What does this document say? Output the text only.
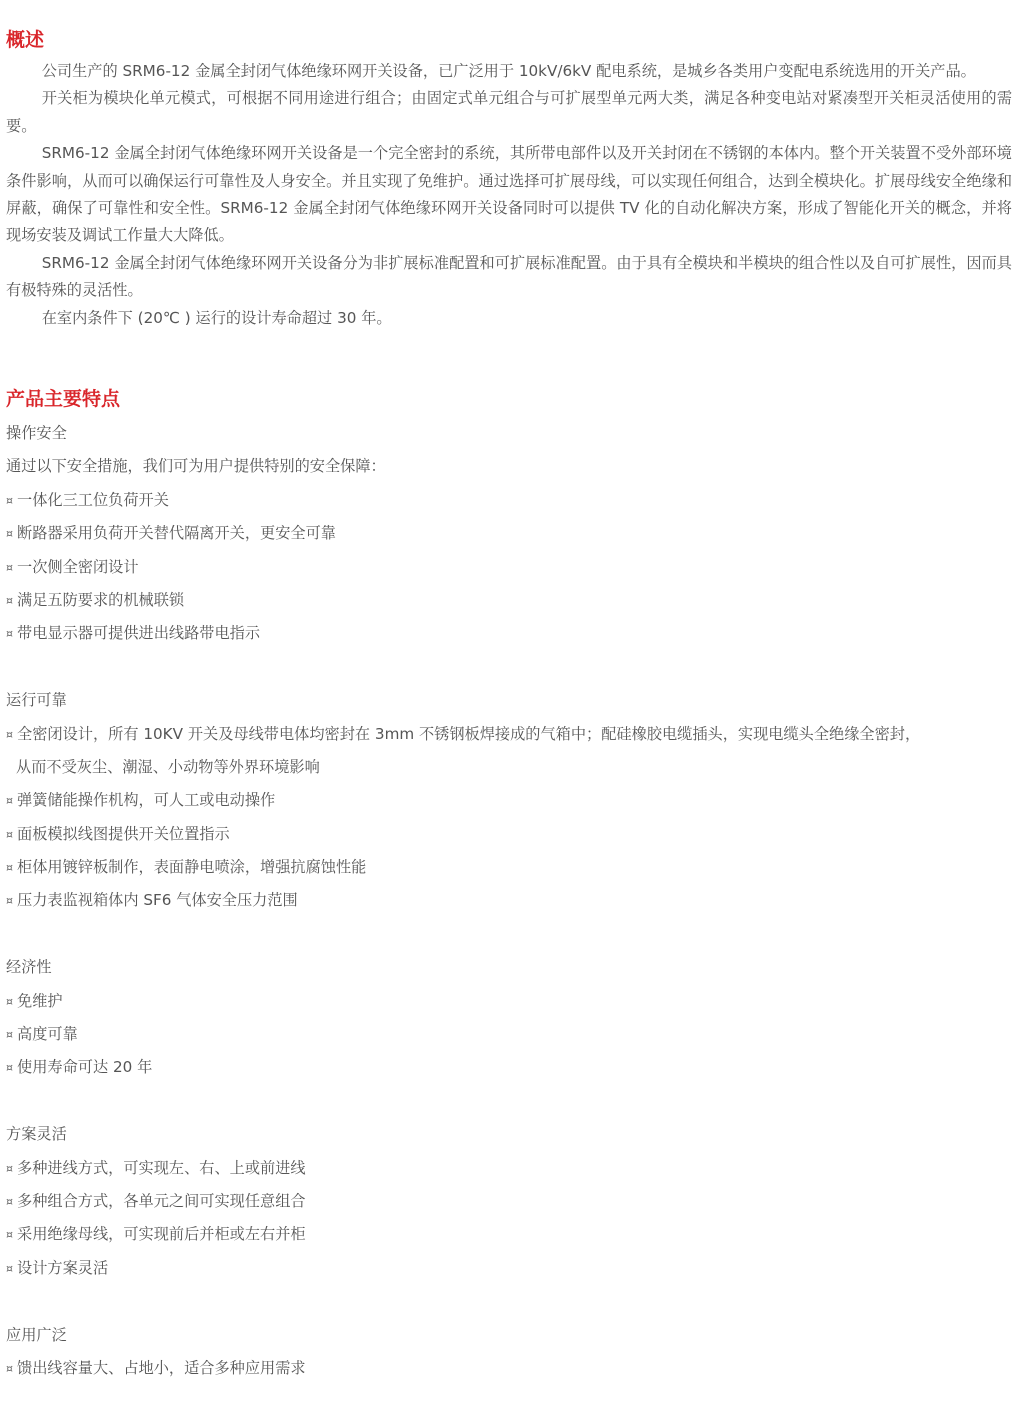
概述

公司生产的 SRM6-12 金属全封闭气体绝缘环网开关设备，已广泛用于 10kV/6kV 配电系统，是城乡各类用户变配电系统选用的开关产品。

开关柜为模块化单元模式，可根据不同用途进行组合；由固定式单元组合与可扩展型单元两大类，满足各种变电站对紧凑型开关柜灵活使用的需要。

SRM6-12 金属全封闭气体绝缘环网开关设备是一个完全密封的系统，其所带电部件以及开关封闭在不锈钢的本体内。整个开关装置不受外部环境条件影响，从而可以确保运行可靠性及人身安全。并且实现了免维护。通过选择可扩展母线，可以实现任何组合，达到全模块化。扩展母线安全绝缘和屏蔽，确保了可靠性和安全性。SRM6-12 金属全封闭气体绝缘环网开关设备同时可以提供 TV 化的自动化解决方案，形成了智能化开关的概念，并将现场安装及调试工作量大大降低。

SRM6-12 金属全封闭气体绝缘环网开关设备分为非扩展标准配置和可扩展标准配置。由于具有全模块和半模块的组合性以及自可扩展性，因而具有极特殊的灵活性。

在室内条件下 (20℃ ) 运行的设计寿命超过 30 年。

产品主要特点
操作安全
通过以下安全措施，我们可为用户提供特别的安全保障：
¤ 一体化三工位负荷开关
¤ 断路器采用负荷开关替代隔离开关，更安全可靠
¤ 一次侧全密闭设计
¤ 满足五防要求的机械联锁
¤ 带电显示器可提供进出线路带电指示
运行可靠
¤ 全密闭设计，所有 10KV 开关及母线带电体均密封在 3mm 不锈钢板焊接成的气箱中；配硅橡胶电缆插头，实现电缆头全绝缘全密封，
从而不受灰尘、潮湿、小动物等外界环境影响
¤ 弹簧储能操作机构，可人工或电动操作
¤ 面板模拟线图提供开关位置指示
¤ 柜体用镀锌板制作，表面静电喷涂，增强抗腐蚀性能
¤ 压力表监视箱体内 SF6 气体安全压力范围
经济性
¤ 免维护
¤ 高度可靠
¤ 使用寿命可达 20 年
方案灵活
¤ 多种进线方式，可实现左、右、上或前进线
¤ 多种组合方式，各单元之间可实现任意组合
¤ 采用绝缘母线，可实现前后并柜或左右并柜
¤ 设计方案灵活
应用广泛
¤ 馈出线容量大、占地小，适合多种应用需求
